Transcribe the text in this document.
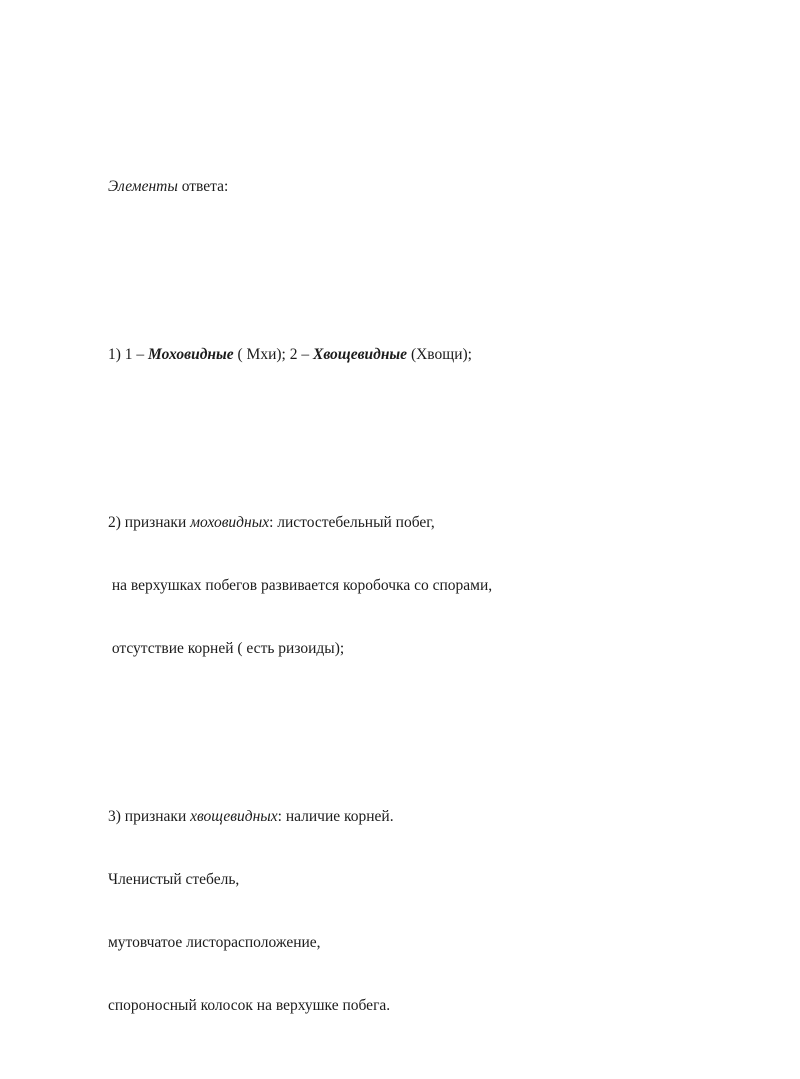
Элементы ответа:

1) 1 – Моховидные ( Мхи); 2 – Хвощевидные (Хвощи);

2) признаки моховидных: листостебельный побег,

на верхушках побегов развивается коробочка со спорами,

отсутствие корней ( есть ризоиды);

3) признаки хвощевидных: наличие корней.

Членистый стебель,

мутовчатое листорасположение,

спороносный колосок на верхушке побега.
